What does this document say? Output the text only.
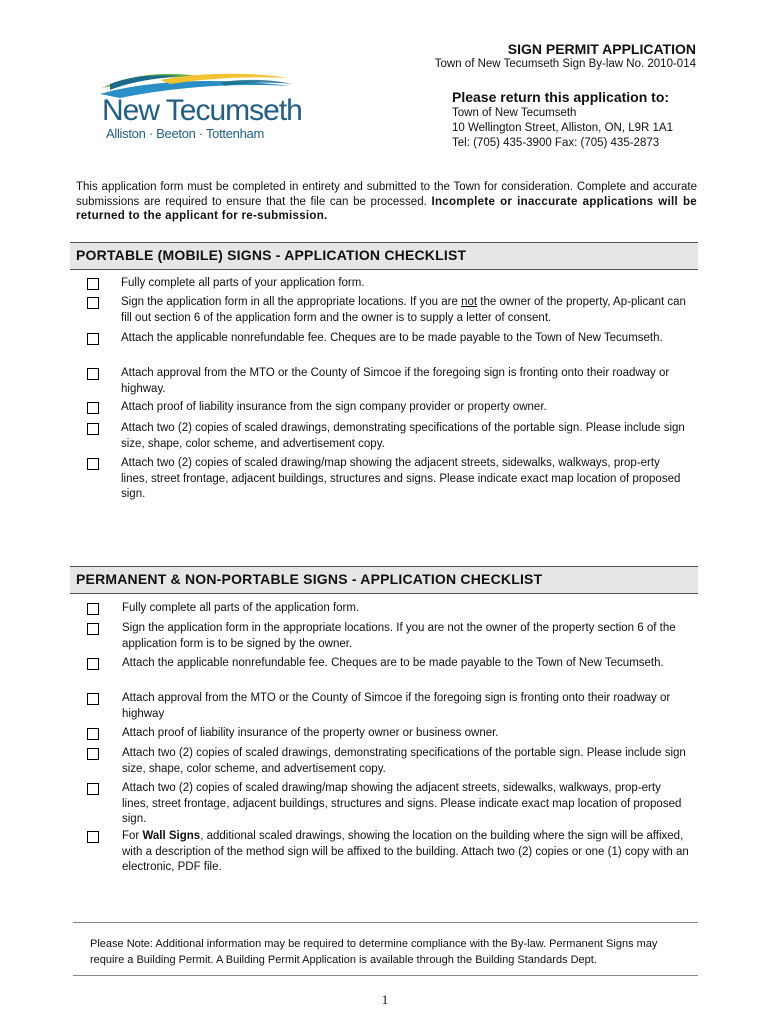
SIGN PERMIT APPLICATION
Town of New Tecumseth Sign By-law No. 2010-014
New Tecumseth
Alliston · Beeton · Tottenham
Please return this application to:
Town of New Tecumseth
10 Wellington Street, Alliston, ON, L9R 1A1
Tel: (705) 435-3900 Fax: (705) 435-2873
This application form must be completed in entirety and submitted to the Town for consideration. Complete and accurate submissions are required to ensure that the file can be processed. Incomplete or inaccurate applications will be returned to the applicant for re-submission.
PORTABLE (MOBILE) SIGNS - APPLICATION CHECKLIST
Fully complete all parts of your application form.
Sign the application form in all the appropriate locations. If you are not the owner of the property, Ap-plicant can fill out section 6 of the application form and the owner is to supply a letter of consent.
Attach the applicable nonrefundable fee. Cheques are to be made payable to the Town of New Tecumseth.
Attach approval from the MTO or the County of Simcoe if the foregoing sign is fronting onto their roadway or highway.
Attach proof of liability insurance from the sign company provider or property owner.
Attach two (2) copies of scaled drawings, demonstrating specifications of the portable sign. Please include sign size, shape, color scheme, and advertisement copy.
Attach two (2) copies of scaled drawing/map showing the adjacent streets, sidewalks, walkways, prop-erty lines, street frontage, adjacent buildings, structures and signs. Please indicate exact map location of proposed sign.
PERMANENT & NON-PORTABLE SIGNS - APPLICATION CHECKLIST
Fully complete all parts of the application form.
Sign the application form in the appropriate locations. If you are not the owner of the property section 6 of the application form is to be signed by the owner.
Attach the applicable nonrefundable fee. Cheques are to be made payable to the Town of New Tecumseth.
Attach approval from the MTO or the County of Simcoe if the foregoing sign is fronting onto their roadway or highway
Attach proof of liability insurance of the property owner or business owner.
Attach two (2) copies of scaled drawings, demonstrating specifications of the portable sign. Please include sign size, shape, color scheme, and advertisement copy.
Attach two (2) copies of scaled drawing/map showing the adjacent streets, sidewalks, walkways, prop-erty lines, street frontage, adjacent buildings, structures and signs. Please indicate exact map location of proposed sign.
For Wall Signs, additional scaled drawings, showing the location on the building where the sign will be affixed, with a description of the method sign will be affixed to the building. Attach two (2) copies or one (1) copy with an electronic, PDF file.
Please Note: Additional information may be required to determine compliance with the By-law. Permanent Signs may require a Building Permit. A Building Permit Application is available through the Building Standards Dept.
1
